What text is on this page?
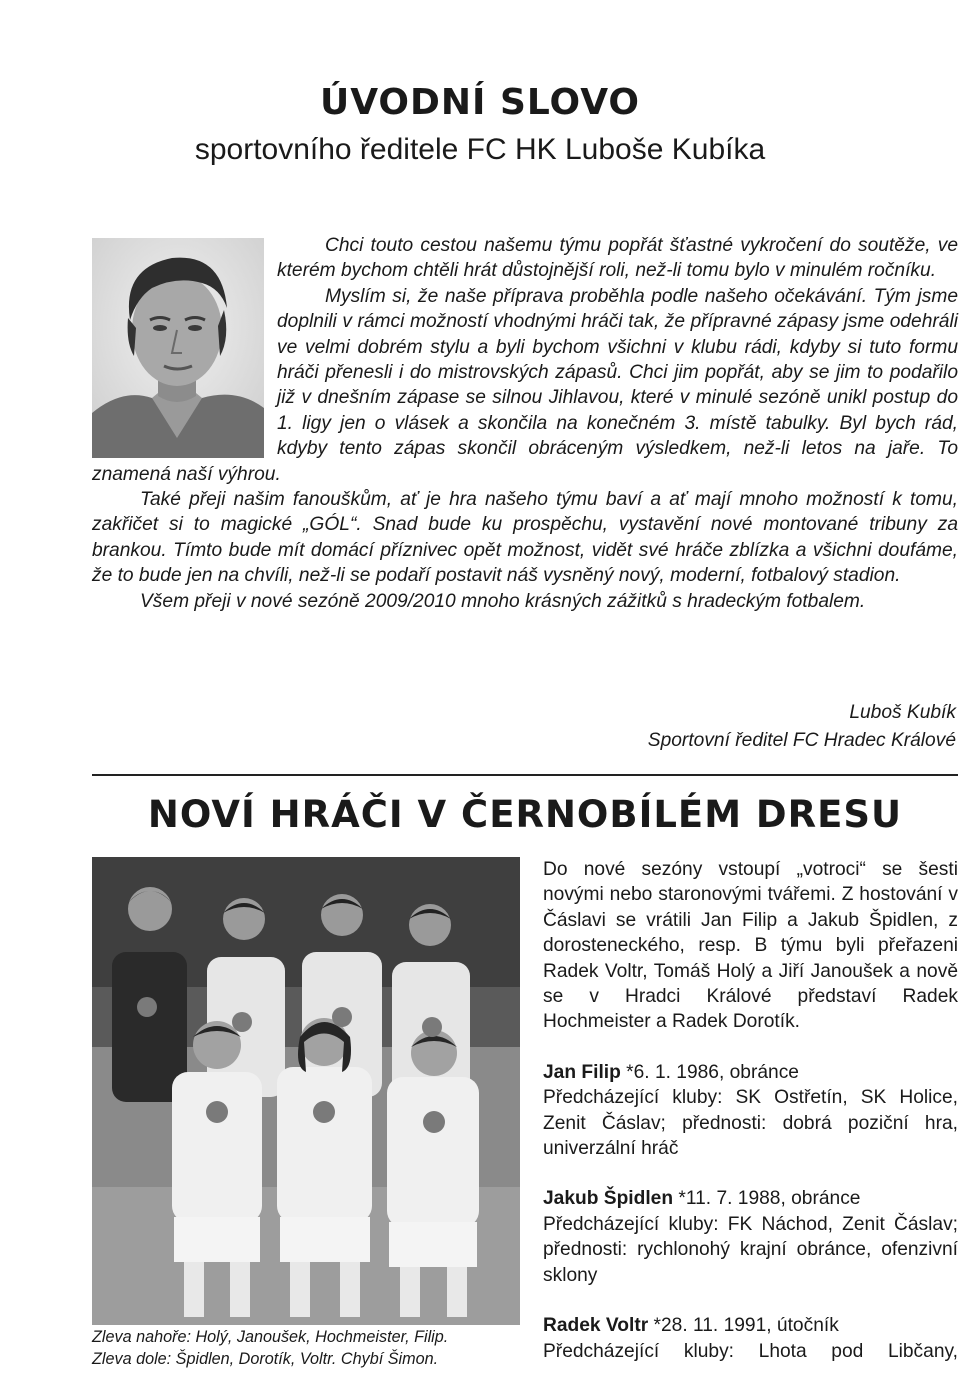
ÚVODNÍ SLOVO
sportovního ředitele FC HK Luboše Kubíka

Chci touto cestou našemu týmu popřát šťastné vykročení do soutěže, ve kterém bychom chtěli hrát důstojnější roli, než-li tomu bylo v minulém ročníku.

Myslím si, že naše příprava proběhla podle našeho očekávání. Tým jsme doplnili v rámci možností vhodnými hráči tak, že přípravné zápasy jsme odehráli ve velmi dobrém stylu a byli bychom všichni v klubu rádi, kdyby si tuto formu hráči přenesli i do mistrovských zápasů. Chci jim popřát, aby se jim to podařilo již v dnešním zápase se silnou Jihlavou, které v minulé sezóně unikl postup do 1. ligy jen o vlásek a skončila na konečném 3. místě tabulky. Byl bych rád, kdyby tento zápas skončil obráceným výsledkem, než-li letos na jaře. To znamená naší výhrou.

Také přeji našim fanouškům, ať je hra našeho týmu baví a ať mají mnoho možností k tomu, zakřičet si to magické „GÓL“. Snad bude ku prospěchu, vystavění nové montované tribuny za brankou. Tímto bude mít domácí příznivec opět možnost, vidět své hráče zblízka a všichni doufáme, že to bude jen na chvíli, než-li se podaří postavit náš vysněný nový, moderní, fotbalový stadion.

Všem přeji v nové sezóně 2009/2010 mnoho krásných zážitků s hradeckým fotbalem.

Luboš Kubík
Sportovní ředitel FC Hradec Králové
NOVÍ HRÁČI V ČERNOBÍLÉM DRESU
Zleva nahoře: Holý, Janoušek, Hochmeister, Filip.
Zleva dole: Špidlen, Dorotík, Voltr. Chybí Šimon.

Do nové sezóny vstoupí „votroci“ se šesti novými nebo staronovými tvářemi. Z hostování v Čáslavi se vrátili Jan Filip a Jakub Špidlen, z dorosteneckého, resp. B týmu byli přeřazeni Radek Voltr, Tomáš Holý a Jiří Janoušek a nově se v Hradci Králové představí Radek Hochmeister a Radek Dorotík.

Jan Filip *6. 1. 1986, obránce

Předcházející kluby: SK Ostřetín, SK Holice, Zenit Čáslav; přednosti: dobrá poziční hra, univerzální hráč

Jakub Špidlen *11. 7. 1988, obránce

Předcházející kluby: FK Náchod, Zenit Čáslav; přednosti: rychlonohý krajní obránce, ofenzivní sklony

Radek Voltr *28. 11. 1991, útočník

Předcházející kluby: Lhota pod Libčany,
